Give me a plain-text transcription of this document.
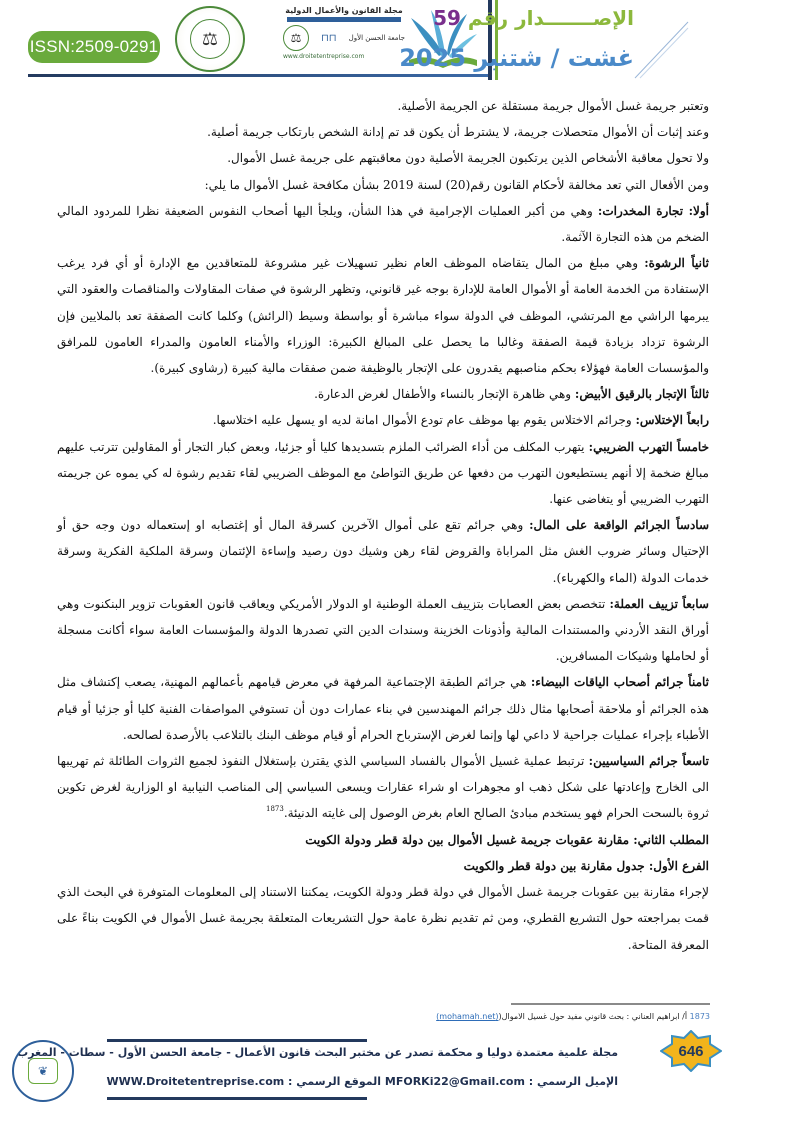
ISSN:2509-0291	⚖
مجلة القانون والأعمال الدولية
⚖	⊓⊓ جامعة الحسن الأول
www.droitetentreprise.com
الإصـــــــدار رقم 59
غشت / شتنبر 2025

وتعتبر جريمة غسل الأموال جريمة مستقلة عن الجريمة الأصلية.

وعند إثبات أن الأموال متحصلات جريمة، لا يشترط أن يكون قد تم إدانة الشخص بارتكاب جريمة أصلية.

ولا تحول معاقبة الأشخاص الذين يرتكبون الجريمة الأصلية دون معاقبتهم على جريمة غسل الأموال.

ومن الأفعال التي تعد مخالفة لأحكام القانون رقم(20) لسنة 2019 بشأن مكافحة غسل الأموال ما يلي:

أولا: تجارة المخدرات: وهي من أكبر العمليات الإجرامية في هذا الشأن، ويلجأ اليها أصحاب النفوس الضعيفة نظرا للمردود المالي الضخم من هذه التجارة الآثمة.

ثانياً الرشوة: وهي مبلغ من المال يتقاضاه الموظف العام نظير تسهيلات غير مشروعة للمتعاقدين مع الإدارة أو أي فرد يرغب الإستفادة من الخدمة العامة أو الأموال العامة للإدارة بوجه غير قانوني، وتظهر الرشوة في صفات المقاولات والمناقصات والعقود التي يبرمها الراشي مع المرتشي، الموظف في الدولة سواء مباشرة أو بواسطة وسيط (الرائش) وكلما كانت الصفقة تعد بالملايين فإن الرشوة تزداد بزيادة قيمة الصفقة وغالبا ما يحصل على المبالغ الكبيرة: الوزراء والأمناء العامون والمدراء العامون للمرافق والمؤسسات العامة فهؤلاء بحكم مناصبهم يقدرون على الإتجار بالوظيفة ضمن صفقات مالية كبيرة (رشاوى كبيرة).

ثالثاً الإتجار بالرقيق الأبيض: وهي ظاهرة الإتجار بالنساء والأطفال لغرض الدعارة.

رابعاً الإختلاس: وجرائم الاختلاس يقوم بها موظف عام تودع الأموال امانة لديه او يسهل عليه اختلاسها.

خامساً التهرب الضريبي: يتهرب المكلف من أداء الضرائب الملزم بتسديدها كليا أو جزئيا، وبعض كبار التجار أو المقاولين تترتب عليهم مبالغ ضخمة إلا أنهم يستطيعون التهرب من دفعها عن طريق التواطئ مع الموظف الضريبي لقاء تقديم رشوة له كي يموه عن جريمته التهرب الضريبي أو يتغاضى عنها.

سادساً الجرائم الواقعة على المال: وهي جرائم تقع على أموال الآخرين كسرقة المال أو إغتصابه او إستعماله دون وجه حق أو الإحتيال وسائر ضروب الغش مثل المراباة والقروض لقاء رهن وشيك دون رصيد وإساءة الإئتمان وسرقة الملكية الفكرية وسرقة خدمات الدولة (الماء والكهرباء).

سابعاً تزييف العملة: تتخصص بعض العصابات بتزييف العملة الوطنية او الدولار الأمريكي ويعاقب قانون العقوبات تزوير البنكنوت وهي أوراق النقد الأردني والمستندات المالية وأذونات الخزينة وسندات الدين التي تصدرها الدولة والمؤسسات العامة سواء أكانت مسجلة أو لحاملها وشيكات المسافرين.

ثامناً جرائم أصحاب الياقات البيضاء: هي جرائم الطبقة الإجتماعية المرفهة في معرض قيامهم بأعمالهم المهنية، يصعب إكتشاف مثل هذه الجرائم أو ملاحقة أصحابها مثال ذلك جرائم المهندسين في بناء عمارات دون أن تستوفي المواصفات الفنية كليا أو جزئيا أو قيام الأطباء بإجراء عمليات جراحية لا داعي لها وإنما لغرض الإسترباح الحرام أو قيام موظف البنك بالتلاعب بالأرصدة لصالحه.

تاسعاً جرائم السياسيين: ترتبط عملية غسيل الأموال بالفساد السياسي الذي يقترن بإستغلال النفوذ لجميع الثروات الطائلة ثم تهريبها الى الخارج وإعادتها على شكل ذهب او مجوهرات او شراء عقارات ويسعى السياسي إلى المناصب النيابية او الوزارية لغرض تكوين ثروة بالسحت الحرام فهو يستخدم مبادئ الصالح العام بغرض الوصول إلى غايته الدنيئة.$^{1873}$

المطلب الثاني: مقارنة عقوبات جريمة غسيل الأموال بين دولة قطر ودولة الكويت

الفرع الأول: جدول مقارنة بين دولة قطر والكويت

لإجراء مقارنة بين عقوبات جريمة غسل الأموال في دولة قطر ودولة الكويت، يمكننا الاستناد إلى المعلومات المتوفرة في البحث الذي قمت بمراجعته حول التشريع القطري، ومن ثم تقديم نظرة عامة حول التشريعات المتعلقة بجريمة غسل الأموال في الكويت بناءً على المعرفة المتاحة.

1873 أ/ ابراهيم العناني : بحث قانوني مفيد حول غسيل الاموال((mohamah.net)
646
مجلة علمية معتمدة دوليا و محكمة تصدر عن مختبر البحث قانون الأعمال - جامعة الحسن الأول - سطات - المغرب
الإميل الرسمي : MFORKi22@Gmail.com الموقع الرسمي : WWW.Droitetentreprise.com
❦
